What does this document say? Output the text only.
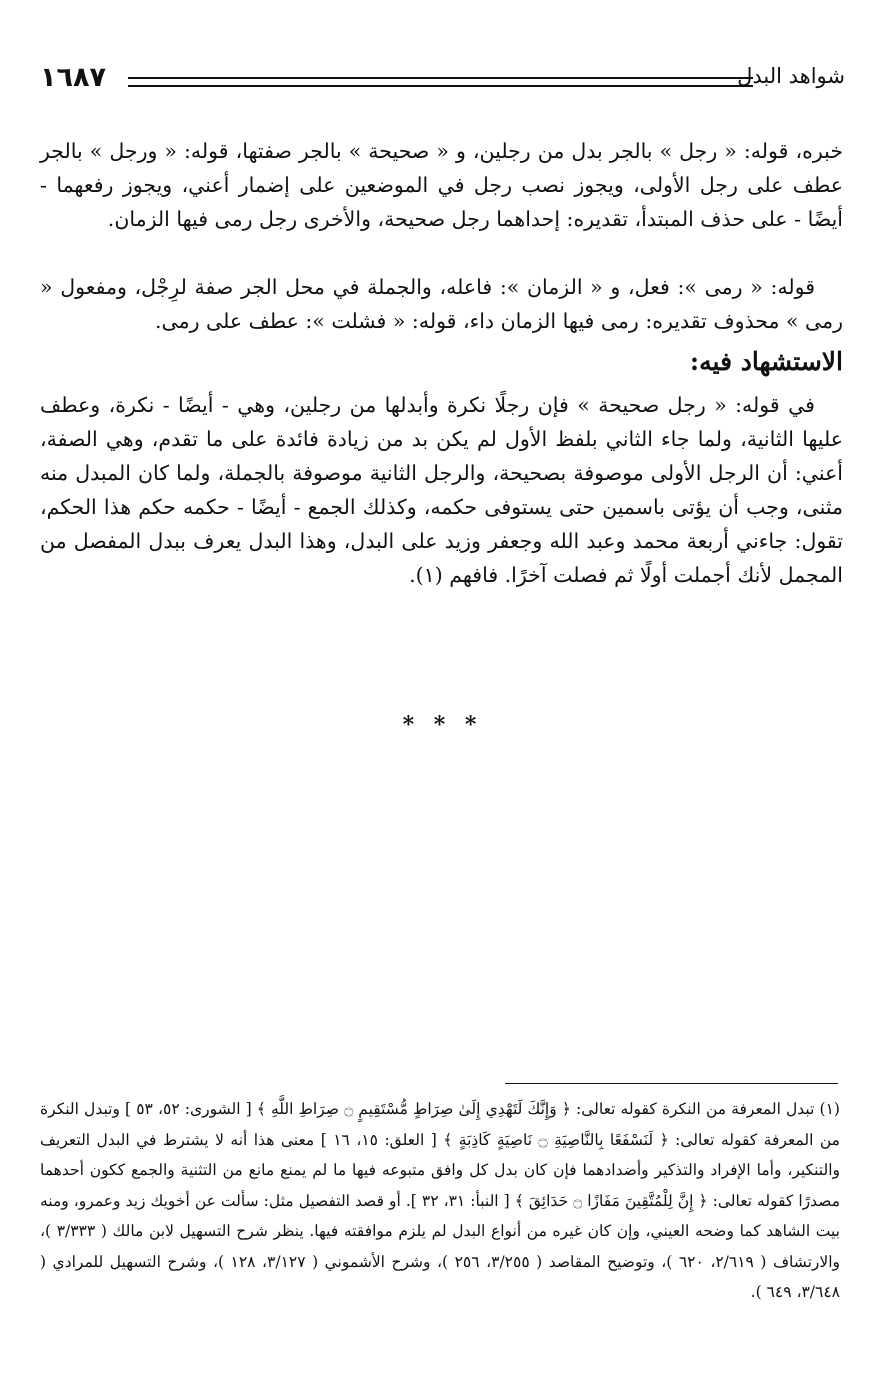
١٦٨٧	شواهد البدل

خبره، قوله: « رجل » بالجر بدل من رجلين، و « صحيحة » بالجر صفتها، قوله: « ورجل » بالجر عطف على رجل الأولى، ويجوز نصب رجل في الموضعين على إضمار أعني، ويجوز رفعهما - أيضًا - على حذف المبتدأ، تقديره: إحداهما رجل صحيحة، والأخرى رجل رمى فيها الزمان.

قوله: « رمى »: فعل، و « الزمان »: فاعله، والجملة في محل الجر صفة لرِجْل، ومفعول « رمى » محذوف تقديره: رمى فيها الزمان داء، قوله: « فشلت »: عطف على رمى.

الاستشهاد فيه:

في قوله: « رجل صحيحة » فإن رجلًا نكرة وأبدلها من رجلين، وهي - أيضًا - نكرة، وعطف عليها الثانية، ولما جاء الثاني بلفظ الأول لم يكن بد من زيادة فائدة على ما تقدم، وهي الصفة، أعني: أن الرجل الأولى موصوفة بصحيحة، والرجل الثانية موصوفة بالجملة، ولما كان المبدل منه مثنى، وجب أن يؤتى باسمين حتى يستوفى حكمه، وكذلك الجمع - أيضًا - حكمه حكم هذا الحكم، تقول: جاءني أربعة محمد وعبد الله وجعفر وزيد على البدل، وهذا البدل يعرف ببدل المفصل من المجمل لأنك أجملت أولًا ثم فصلت آخرًا. فافهم (١).

* * *

(١) تبدل المعرفة من النكرة كقوله تعالى: ﴿ وَإِنَّكَ لَتَهْدِي إِلَىٰ صِرَاطٍ مُّسْتَقِيمٍ ۝ صِرَاطِ اللَّهِ ﴾ [ الشورى: ٥٢، ٥٣ ] وتبدل النكرة من المعرفة كقوله تعالى: ﴿ لَنَسْفَعًا بِالنَّاصِيَةِ ۝ نَاصِيَةٍ كَاذِبَةٍ ﴾ [ العلق: ١٥، ١٦ ] معنى هذا أنه لا يشترط في البدل التعريف والتنكير، وأما الإفراد والتذكير وأضدادهما فإن كان بدل كل وافق متبوعه فيها ما لم يمنع مانع من التثنية والجمع ككون أحدهما مصدرًا كقوله تعالى: ﴿ إِنَّ لِلْمُتَّقِينَ مَفَازًا ۝ حَدَائِقَ ﴾ [ النبأ: ٣١، ٣٢ ]. أو قصد التفصيل مثل: سألت عن أخويك زيد وعمرو، ومنه بيت الشاهد كما وضحه العيني، وإن كان غيره من أنواع البدل لم يلزم موافقته فيها. ينظر شرح التسهيل لابن مالك ( ٣/٣٣٣ )، والارتشاف ( ٢/٦١٩، ٦٢٠ )، وتوضيح المقاصد ( ٣/٢٥٥، ٢٥٦ )، وشرح الأشموني ( ٣/١٢٧، ١٢٨ )، وشرح التسهيل للمرادي ( ٣/٦٤٨، ٦٤٩ ).
